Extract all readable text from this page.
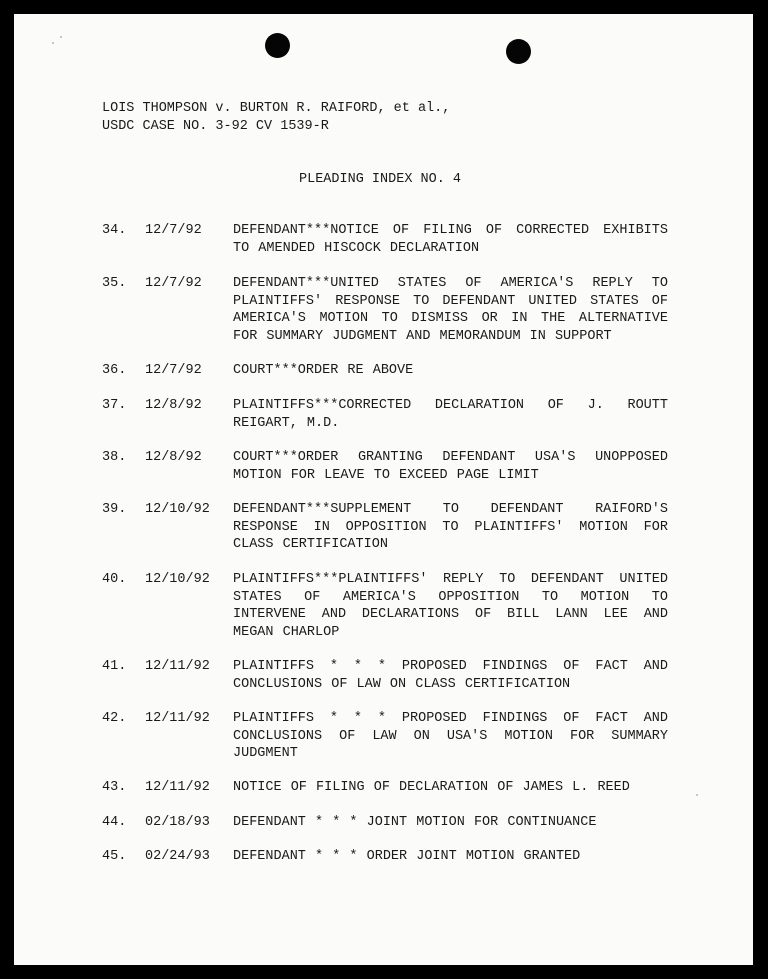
LOIS THOMPSON v. BURTON R. RAIFORD, et al.,
USDC CASE NO. 3-92 CV 1539-R
PLEADING INDEX NO. 4
34. 12/7/92 DEFENDANT***NOTICE OF FILING OF CORRECTED EXHIBITS TO AMENDED HISCOCK DECLARATION
35. 12/7/92 DEFENDANT***UNITED STATES OF AMERICA'S REPLY TO PLAINTIFFS' RESPONSE TO DEFENDANT UNITED STATES OF AMERICA'S MOTION TO DISMISS OR IN THE ALTERNATIVE FOR SUMMARY JUDGMENT AND MEMORANDUM IN SUPPORT
36. 12/7/92 COURT***ORDER RE ABOVE
37. 12/8/92 PLAINTIFFS***CORRECTED DECLARATION OF J. ROUTT REIGART, M.D.
38. 12/8/92 COURT***ORDER GRANTING DEFENDANT USA'S UNOPPOSED MOTION FOR LEAVE TO EXCEED PAGE LIMIT
39. 12/10/92 DEFENDANT***SUPPLEMENT TO DEFENDANT RAIFORD'S RESPONSE IN OPPOSITION TO PLAINTIFFS' MOTION FOR CLASS CERTIFICATION
40. 12/10/92 PLAINTIFFS***PLAINTIFFS' REPLY TO DEFENDANT UNITED STATES OF AMERICA'S OPPOSITION TO MOTION TO INTERVENE AND DECLARATIONS OF BILL LANN LEE AND MEGAN CHARLOP
41. 12/11/92 PLAINTIFFS * * * PROPOSED FINDINGS OF FACT AND CONCLUSIONS OF LAW ON CLASS CERTIFICATION
42. 12/11/92 PLAINTIFFS * * * PROPOSED FINDINGS OF FACT AND CONCLUSIONS OF LAW ON USA'S MOTION FOR SUMMARY JUDGMENT
43. 12/11/92 NOTICE OF FILING OF DECLARATION OF JAMES L. REED
44. 02/18/93 DEFENDANT * * * JOINT MOTION FOR CONTINUANCE
45. 02/24/93 DEFENDANT * * * ORDER JOINT MOTION GRANTED
